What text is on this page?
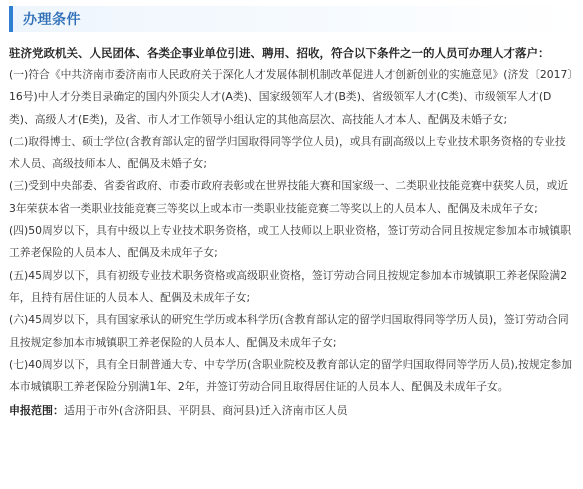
办理条件
驻济党政机关、人民团体、各类企事业单位引进、聘用、招收，符合以下条件之一的人员可办理人才落户：

(一)符合《中共济南市委济南市人民政府关于深化人才发展体制机制改革促进人才创新创业的实施意见》(济发〔2017〕16号)中人才分类目录确定的国内外顶尖人才(A类)、国家级领军人才(B类)、省级领军人才(C类)、市级领军人才(D类)、高级人才(E类)，及省、市人才工作领导小组认定的其他高层次、高技能人才本人、配偶及未婚子女;

(二)取得博士、硕士学位(含教育部认定的留学归国取得同等学位人员)，或具有副高级以上专业技术职务资格的专业技术人员、高级技师本人、配偶及未婚子女;

(三)受到中央部委、省委省政府、市委市政府表彰或在世界技能大赛和国家级一、二类职业技能竞赛中获奖人员，或近3年荣获本省一类职业技能竞赛三等奖以上或本市一类职业技能竞赛二等奖以上的人员本人、配偶及未成年子女;

(四)50周岁以下，具有中级以上专业技术职务资格，或工人技师以上职业资格，签订劳动合同且按规定参加本市城镇职工养老保险的人员本人、配偶及未成年子女;

(五)45周岁以下，具有初级专业技术职务资格或高级职业资格，签订劳动合同且按规定参加本市城镇职工养老保险满2年，且持有居住证的人员本人、配偶及未成年子女;

(六)45周岁以下，具有国家承认的研究生学历或本科学历(含教育部认定的留学归国取得同等学历人员)，签订劳动合同且按规定参加本市城镇职工养老保险的人员本人、配偶及未成年子女;

(七)40周岁以下，具有全日制普通大专、中专学历(含职业院校及教育部认定的留学归国取得同等学历人员),按规定参加本市城镇职工养老保险分别满1年、2年，并签订劳动合同且取得居住证的人员本人、配偶及未成年子女。

申报范围：适用于市外(含济阳县、平阴县、商河县)迁入济南市区人员
